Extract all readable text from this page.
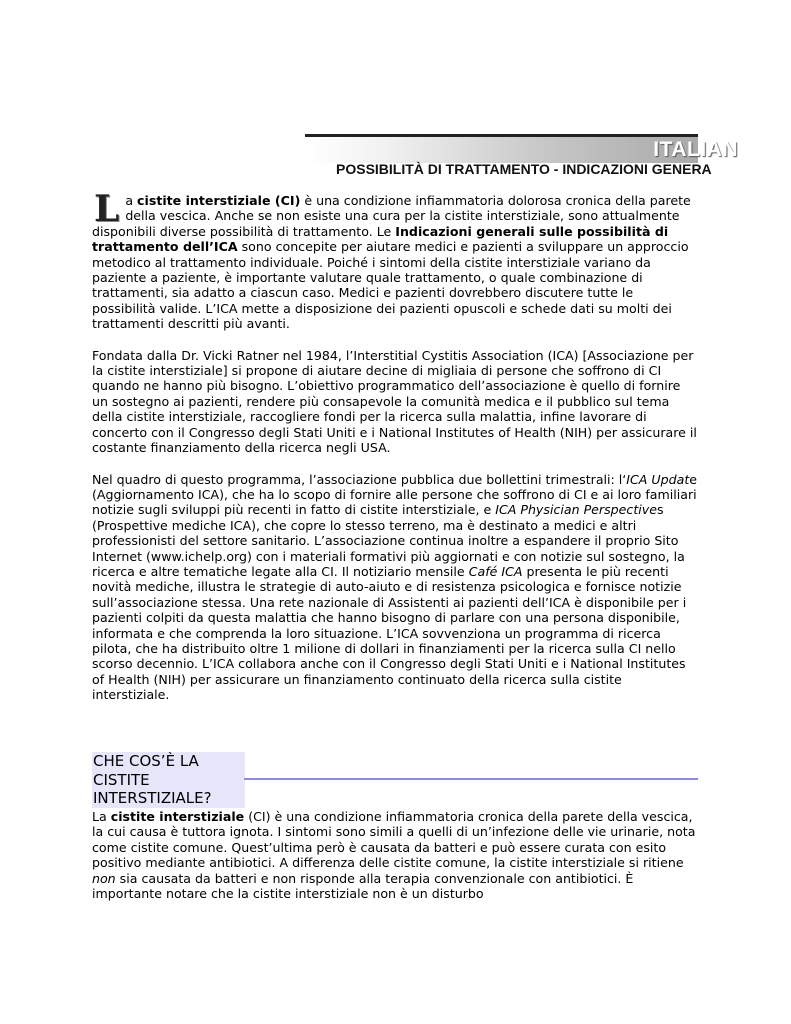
ITALIAN
POSSIBILITÀ DI TRATTAMENTO - INDICAZIONI GENERA

La cistite interstiziale (CI) è una condizione infiammatoria dolorosa cronica della parete della vescica. Anche se non esiste una cura per la cistite interstiziale, sono attualmente disponibili diverse possibilità di trattamento. Le Indicazioni generali sulle possibilità di trattamento dell’ICA sono concepite per aiutare medici e pazienti a sviluppare un approccio metodico al trattamento individuale. Poiché i sintomi della cistite interstiziale variano da paziente a paziente, è importante valutare quale trattamento, o quale combinazione di trattamenti, sia adatto a ciascun caso. Medici e pazienti dovrebbero discutere tutte le possibilità valide. L’ICA mette a disposizione dei pazienti opuscoli e schede dati su molti dei trattamenti descritti più avanti.

Fondata dalla Dr. Vicki Ratner nel 1984, l’Interstitial Cystitis Association (ICA) [Associazione per la cistite interstiziale] si propone di aiutare decine di migliaia di persone che soffrono di CI quando ne hanno più bisogno. L’obiettivo programmatico dell’associazione è quello di fornire un sostegno ai pazienti, rendere più consapevole la comunità medica e il pubblico sul tema della cistite interstiziale, raccogliere fondi per la ricerca sulla malattia, infine lavorare di concerto con il Congresso degli Stati Uniti e i National Institutes of Health (NIH) per assicurare il costante finanziamento della ricerca negli USA.

Nel quadro di questo programma, l’associazione pubblica due bollettini trimestrali: l‘ICA Update (Aggiornamento ICA), che ha lo scopo di fornire alle persone che soffrono di CI e ai loro familiari notizie sugli sviluppi più recenti in fatto di cistite interstiziale, e ICA Physician Perspectives (Prospettive mediche ICA), che copre lo stesso terreno, ma è destinato a medici e altri professionisti del settore sanitario. L’associazione continua inoltre a espandere il proprio Sito Internet (www.ichelp.org) con i materiali formativi più aggiornati e con notizie sul sostegno, la ricerca e altre tematiche legate alla CI. Il notiziario mensile Café ICA presenta le più recenti novità mediche, illustra le strategie di auto-aiuto e di resistenza psicologica e fornisce notizie sull’associazione stessa. Una rete nazionale di Assistenti ai pazienti dell’ICA è disponibile per i pazienti colpiti da questa malattia che hanno bisogno di parlare con una persona disponibile, informata e che comprenda la loro situazione. L’ICA sovvenziona un programma di ricerca pilota, che ha distribuito oltre 1 milione di dollari in finanziamenti per la ricerca sulla CI nello scorso decennio. L’ICA collabora anche con il Congresso degli Stati Uniti e i National Institutes of Health (NIH) per assicurare un finanziamento continuato della ricerca sulla cistite interstiziale.

CHE COS’È LA
CISTITE
INTERSTIZIALE?

La cistite interstiziale (CI) è una condizione infiammatoria cronica della parete della vescica, la cui causa è tuttora ignota. I sintomi sono simili a quelli di un’infezione delle vie urinarie, nota come cistite comune. Quest’ultima però è causata da batteri e può essere curata con esito positivo mediante antibiotici. A differenza delle cistite comune, la cistite interstiziale si ritiene non sia causata da batteri e non risponde alla terapia convenzionale con antibiotici. È importante notare che la cistite interstiziale non è un disturbo
